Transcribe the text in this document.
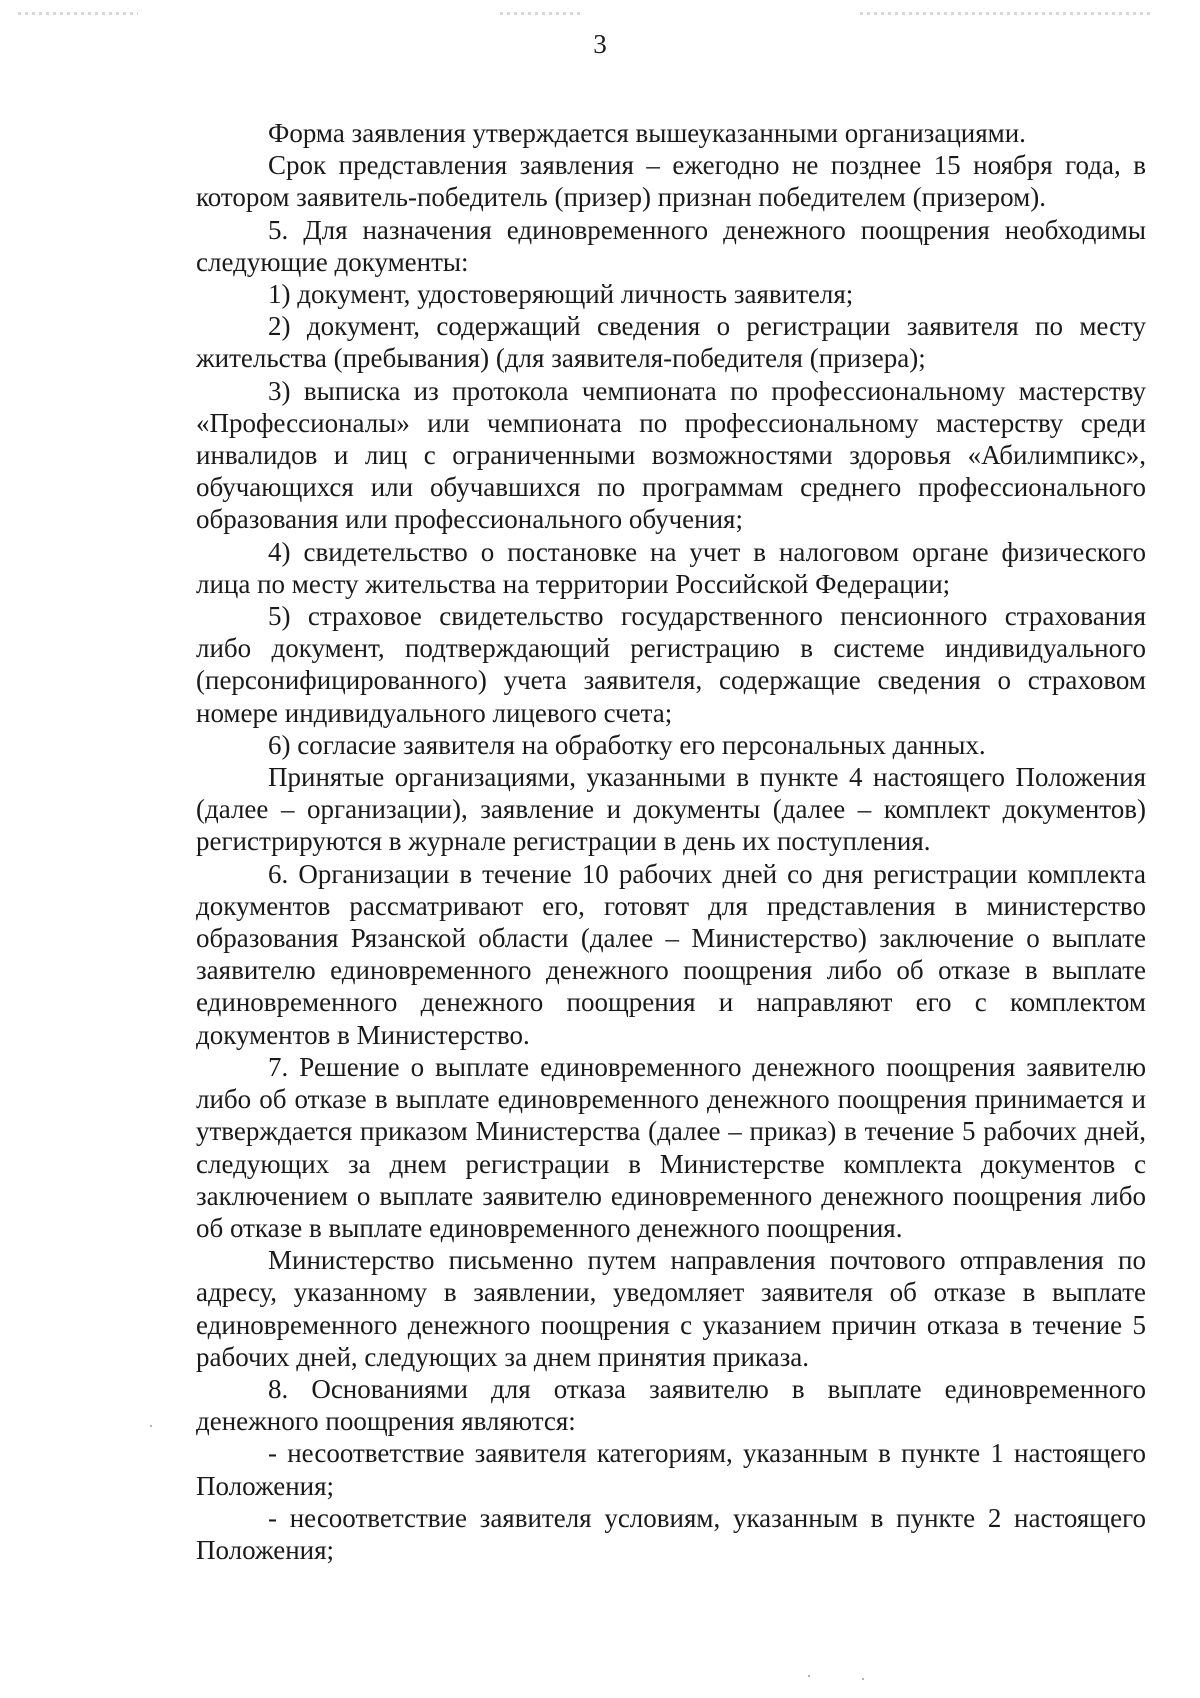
3

Форма заявления утверждается вышеуказанными организациями.

Срок представления заявления – ежегодно не позднее 15 ноября года, в котором заявитель-победитель (призер) признан победителем (призером).

5. Для назначения единовременного денежного поощрения необходимы следующие документы:

1) документ, удостоверяющий личность заявителя;

2) документ, содержащий сведения о регистрации заявителя по месту жительства (пребывания) (для заявителя-победителя (призера);

3) выписка из протокола чемпионата по профессиональному мастерству «Профессионалы» или чемпионата по профессиональному мастерству среди инвалидов и лиц с ограниченными возможностями здоровья «Абилимпикс», обучающихся или обучавшихся по программам среднего профессионального образования или профессионального обучения;

4) свидетельство о постановке на учет в налоговом органе физического лица по месту жительства на территории Российской Федерации;

5) страховое свидетельство государственного пенсионного страхования либо документ, подтверждающий регистрацию в системе индивидуального (персонифицированного) учета заявителя, содержащие сведения о страховом номере индивидуального лицевого счета;

6) согласие заявителя на обработку его персональных данных.

Принятые организациями, указанными в пункте 4 настоящего Положения (далее – организации), заявление и документы (далее – комплект документов) регистрируются в журнале регистрации в день их поступления.

6. Организации в течение 10 рабочих дней со дня регистрации комплекта документов рассматривают его, готовят для представления в министерство образования Рязанской области (далее – Министерство) заключение о выплате заявителю единовременного денежного поощрения либо об отказе в выплате единовременного денежного поощрения и направляют его с комплектом документов в Министерство.

7. Решение о выплате единовременного денежного поощрения заявителю либо об отказе в выплате единовременного денежного поощрения принимается и утверждается приказом Министерства (далее – приказ) в течение 5 рабочих дней, следующих за днем регистрации в Министерстве комплекта документов с заключением о выплате заявителю единовременного денежного поощрения либо об отказе в выплате единовременного денежного поощрения.

Министерство письменно путем направления почтового отправления по адресу, указанному в заявлении, уведомляет заявителя об отказе в выплате единовременного денежного поощрения с указанием причин отказа в течение 5 рабочих дней, следующих за днем принятия приказа.

8. Основаниями для отказа заявителю в выплате единовременного денежного поощрения являются:

- несоответствие заявителя категориям, указанным в пункте 1 настоящего Положения;

- несоответствие заявителя условиям, указанным в пункте 2 настоящего Положения;
